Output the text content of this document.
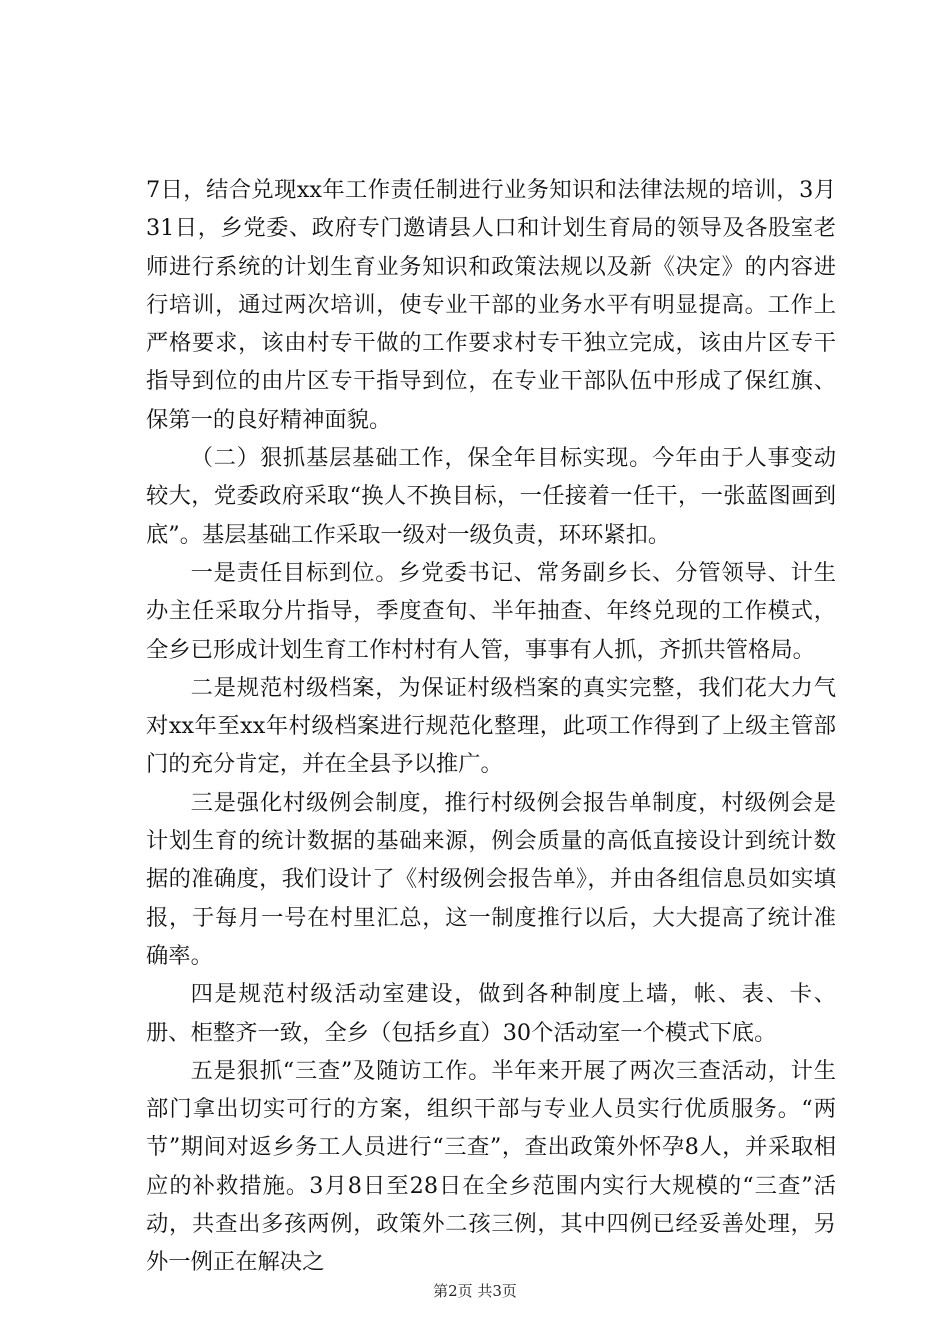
7日，结合兑现xx年工作责任制进行业务知识和法律法规的培训，3月31日，乡党委、政府专门邀请县人口和计划生育局的领导及各股室老师进行系统的计划生育业务知识和政策法规以及新《决定》的内容进行培训，通过两次培训，使专业干部的业务水平有明显提高。工作上严格要求，该由村专干做的工作要求村专干独立完成，该由片区专干指导到位的由片区专干指导到位，在专业干部队伍中形成了保红旗、保第一的良好精神面貌。

（二）狠抓基层基础工作，保全年目标实现。今年由于人事变动较大，党委政府采取“换人不换目标，一任接着一任干，一张蓝图画到底”。基层基础工作采取一级对一级负责，环环紧扣。

一是责任目标到位。乡党委书记、常务副乡长、分管领导、计生办主任采取分片指导，季度查旬、半年抽查、年终兑现的工作模式，全乡已形成计划生育工作村村有人管，事事有人抓，齐抓共管格局。

二是规范村级档案，为保证村级档案的真实完整，我们花大力气对xx年至xx年村级档案进行规范化整理，此项工作得到了上级主管部门的充分肯定，并在全县予以推广。

三是强化村级例会制度，推行村级例会报告单制度，村级例会是计划生育的统计数据的基础来源，例会质量的高低直接设计到统计数据的准确度，我们设计了《村级例会报告单》，并由各组信息员如实填报，于每月一号在村里汇总，这一制度推行以后，大大提高了统计准确率。

四是规范村级活动室建设，做到各种制度上墙，帐、表、卡、册、柜整齐一致，全乡（包括乡直）30个活动室一个模式下底。

五是狠抓“三查”及随访工作。半年来开展了两次三查活动，计生部门拿出切实可行的方案，组织干部与专业人员实行优质服务。“两节”期间对返乡务工人员进行“三查”，查出政策外怀孕8人，并采取相应的补救措施。3月8日至28日在全乡范围内实行大规模的“三查”活动，共查出多孩两例，政策外二孩三例，其中四例已经妥善处理，另外一例正在解决之

第2页 共3页
